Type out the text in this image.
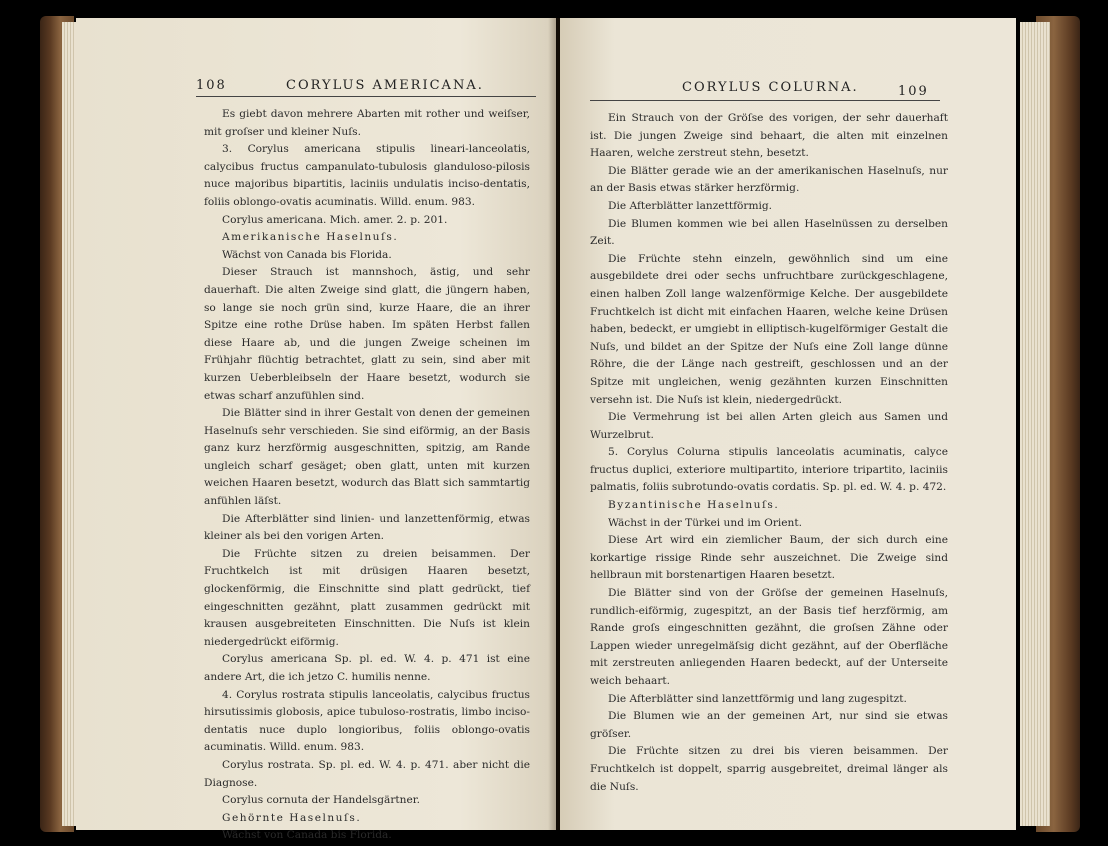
108	CORYLUS AMERICANA.

Es giebt davon mehrere Abarten mit rother und weiſser, mit groſser und kleiner Nuſs.

3. Corylus americana stipulis lineari-lanceolatis, calycibus fructus campanulato-tubulosis glanduloso-pilosis nuce majoribus bipartitis, laciniis undulatis inciso-dentatis, foliis oblongo-ovatis acuminatis. Willd. enum. 983.

Corylus americana. Mich. amer. 2. p. 201.

Amerikanische Haselnuſs.

Wächst von Canada bis Florida.

Dieser Strauch ist mannshoch, ästig, und sehr dauerhaft. Die alten Zweige sind glatt, die jüngern haben, so lange sie noch grün sind, kurze Haare, die an ihrer Spitze eine rothe Drüse haben. Im späten Herbst fallen diese Haare ab, und die jungen Zweige scheinen im Frühjahr flüchtig betrachtet, glatt zu sein, sind aber mit kurzen Ueberbleibseln der Haare besetzt, wodurch sie etwas scharf anzufühlen sind.

Die Blätter sind in ihrer Gestalt von denen der gemeinen Haselnuſs sehr verschieden. Sie sind eiförmig, an der Basis ganz kurz herzförmig ausgeschnitten, spitzig, am Rande ungleich scharf gesäget; oben glatt, unten mit kurzen weichen Haaren besetzt, wodurch das Blatt sich sammtartig anfühlen läſst.

Die Afterblätter sind linien- und lanzettenförmig, etwas kleiner als bei den vorigen Arten.

Die Früchte sitzen zu dreien beisammen. Der Fruchtkelch ist mit drüsigen Haaren besetzt, glockenförmig, die Einschnitte sind platt gedrückt, tief eingeschnitten gezähnt, platt zusammen gedrückt mit krausen ausgebreiteten Einschnitten. Die Nuſs ist klein niedergedrückt eiförmig.

Corylus americana Sp. pl. ed. W. 4. p. 471 ist eine andere Art, die ich jetzo C. humilis nenne.

4. Corylus rostrata stipulis lanceolatis, calycibus fructus hirsutissimis globosis, apice tubuloso-rostratis, limbo inciso-dentatis nuce duplo longioribus, foliis oblongo-ovatis acuminatis. Willd. enum. 983.

Corylus rostrata. Sp. pl. ed. W. 4. p. 471. aber nicht die Diagnose.

Corylus cornuta der Handelsgärtner.

Gehörnte Haselnuſs.

Wächst von Canada bis Florida.

CORYLUS COLURNA.	109

Ein Strauch von der Gröſse des vorigen, der sehr dauerhaft ist. Die jungen Zweige sind behaart, die alten mit einzelnen Haaren, welche zerstreut stehn, besetzt.

Die Blätter gerade wie an der amerikanischen Haselnuſs, nur an der Basis etwas stärker herzförmig.

Die Afterblätter lanzettförmig.

Die Blumen kommen wie bei allen Haselnüssen zu derselben Zeit.

Die Früchte stehn einzeln, gewöhnlich sind um eine ausgebildete drei oder sechs unfruchtbare zurückgeschlagene, einen halben Zoll lange walzenförmige Kelche. Der ausgebildete Fruchtkelch ist dicht mit einfachen Haaren, welche keine Drüsen haben, bedeckt, er umgiebt in elliptisch-kugelförmiger Gestalt die Nuſs, und bildet an der Spitze der Nuſs eine Zoll lange dünne Röhre, die der Länge nach gestreift, geschlossen und an der Spitze mit ungleichen, wenig gezähnten kurzen Einschnitten versehn ist. Die Nuſs ist klein, niedergedrückt.

Die Vermehrung ist bei allen Arten gleich aus Samen und Wurzelbrut.

5. Corylus Colurna stipulis lanceolatis acuminatis, calyce fructus duplici, exteriore multipartito, interiore tripartito, laciniis palmatis, foliis subrotundo-ovatis cordatis. Sp. pl. ed. W. 4. p. 472.

Byzantinische Haselnuſs.

Wächst in der Türkei und im Orient.

Diese Art wird ein ziemlicher Baum, der sich durch eine korkartige rissige Rinde sehr auszeichnet. Die Zweige sind hellbraun mit borstenartigen Haaren besetzt.

Die Blätter sind von der Gröſse der gemeinen Haselnuſs, rundlich-eiförmig, zugespitzt, an der Basis tief herzförmig, am Rande groſs eingeschnitten gezähnt, die groſsen Zähne oder Lappen wieder unregelmäſsig dicht gezähnt, auf der Oberfläche mit zerstreuten anliegenden Haaren bedeckt, auf der Unterseite weich behaart.

Die Afterblätter sind lanzettförmig und lang zugespitzt.

Die Blumen wie an der gemeinen Art, nur sind sie etwas gröſser.

Die Früchte sitzen zu drei bis vieren beisammen. Der Fruchtkelch ist doppelt, sparrig ausgebreitet, dreimal länger als die Nuſs.
